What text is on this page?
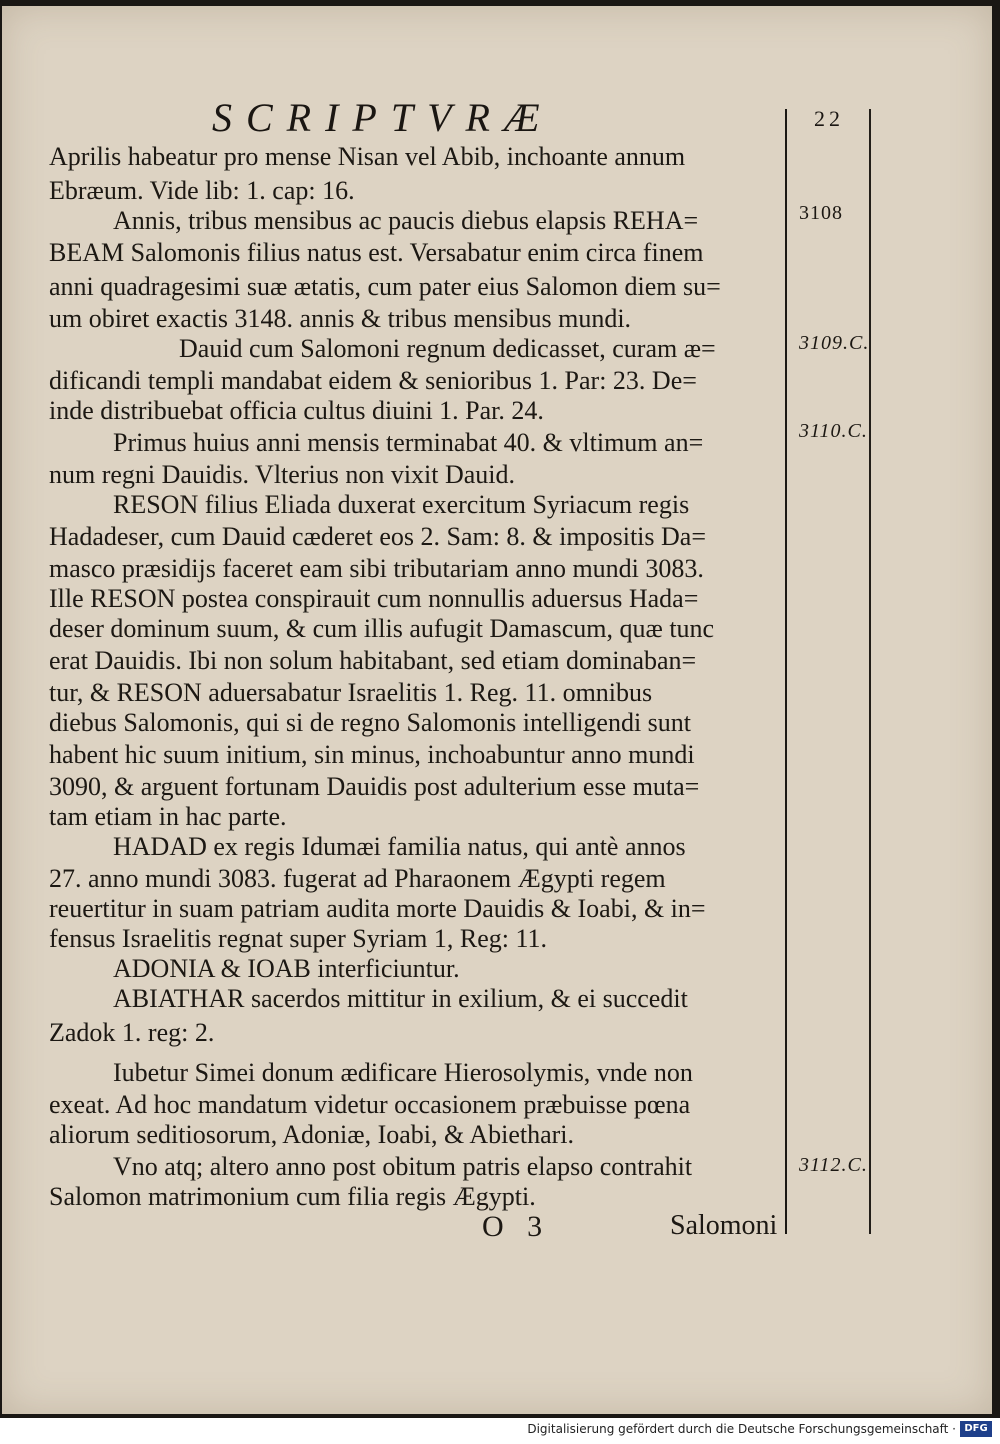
SCRIPTVRÆ	22
Aprilis habeatur pro mense Nisan vel Abib, inchoante annum
Ebræum. Vide lib: 1. cap: 16.
Annis, tribus mensibus ac paucis diebus elapsis REHA=
BEAM Salomonis filius natus est. Versabatur enim circa finem
anni quadragesimi suæ ætatis, cum pater eius Salomon diem su=
um obiret exactis 3148. annis & tribus mensibus mundi.
Dauid cum Salomoni regnum dedicasset, curam æ=
dificandi templi mandabat eidem & senioribus 1. Par: 23. De=
inde distribuebat officia cultus diuini 1. Par. 24.
Primus huius anni mensis terminabat 40. & vltimum an=
num regni Dauidis. Vlterius non vixit Dauid.
RESON filius Eliada duxerat exercitum Syriacum regis
Hadadeser, cum Dauid cæderet eos 2. Sam: 8. & impositis Da=
masco præsidijs faceret eam sibi tributariam anno mundi 3083.
Ille RESON postea conspirauit cum nonnullis aduersus Hada=
deser dominum suum, & cum illis aufugit Damascum, quæ tunc
erat Dauidis. Ibi non solum habitabant, sed etiam dominaban=
tur, & RESON aduersabatur Israelitis 1. Reg. 11. omnibus
diebus Salomonis, qui si de regno Salomonis intelligendi sunt
habent hic suum initium, sin minus, inchoabuntur anno mundi
3090, & arguent fortunam Dauidis post adulterium esse muta=
tam etiam in hac parte.
HADAD ex regis Idumæi familia natus, qui antè annos
27. anno mundi 3083. fugerat ad Pharaonem Ægypti regem
reuertitur in suam patriam audita morte Dauidis & Ioabi, & in=
fensus Israelitis regnat super Syriam 1, Reg: 11.
ADONIA & IOAB interficiuntur.
ABIATHAR sacerdos mittitur in exilium, & ei succedit
Zadok 1. reg: 2.
Iubetur Simei donum ædificare Hierosolymis, vnde non
exeat. Ad hoc mandatum videtur occasionem præbuisse pœna
aliorum seditiosorum, Adoniæ, Ioabi, & Abiethari.
Vno atq; altero anno post obitum patris elapso contrahit
Salomon matrimonium cum filia regis Ægypti.
3108
3109.C.
3110.C.
3112.C.
O 3	Salomoni
Digitalisierung gefördert durch die Deutsche Forschungsgemeinschaft · DFG
